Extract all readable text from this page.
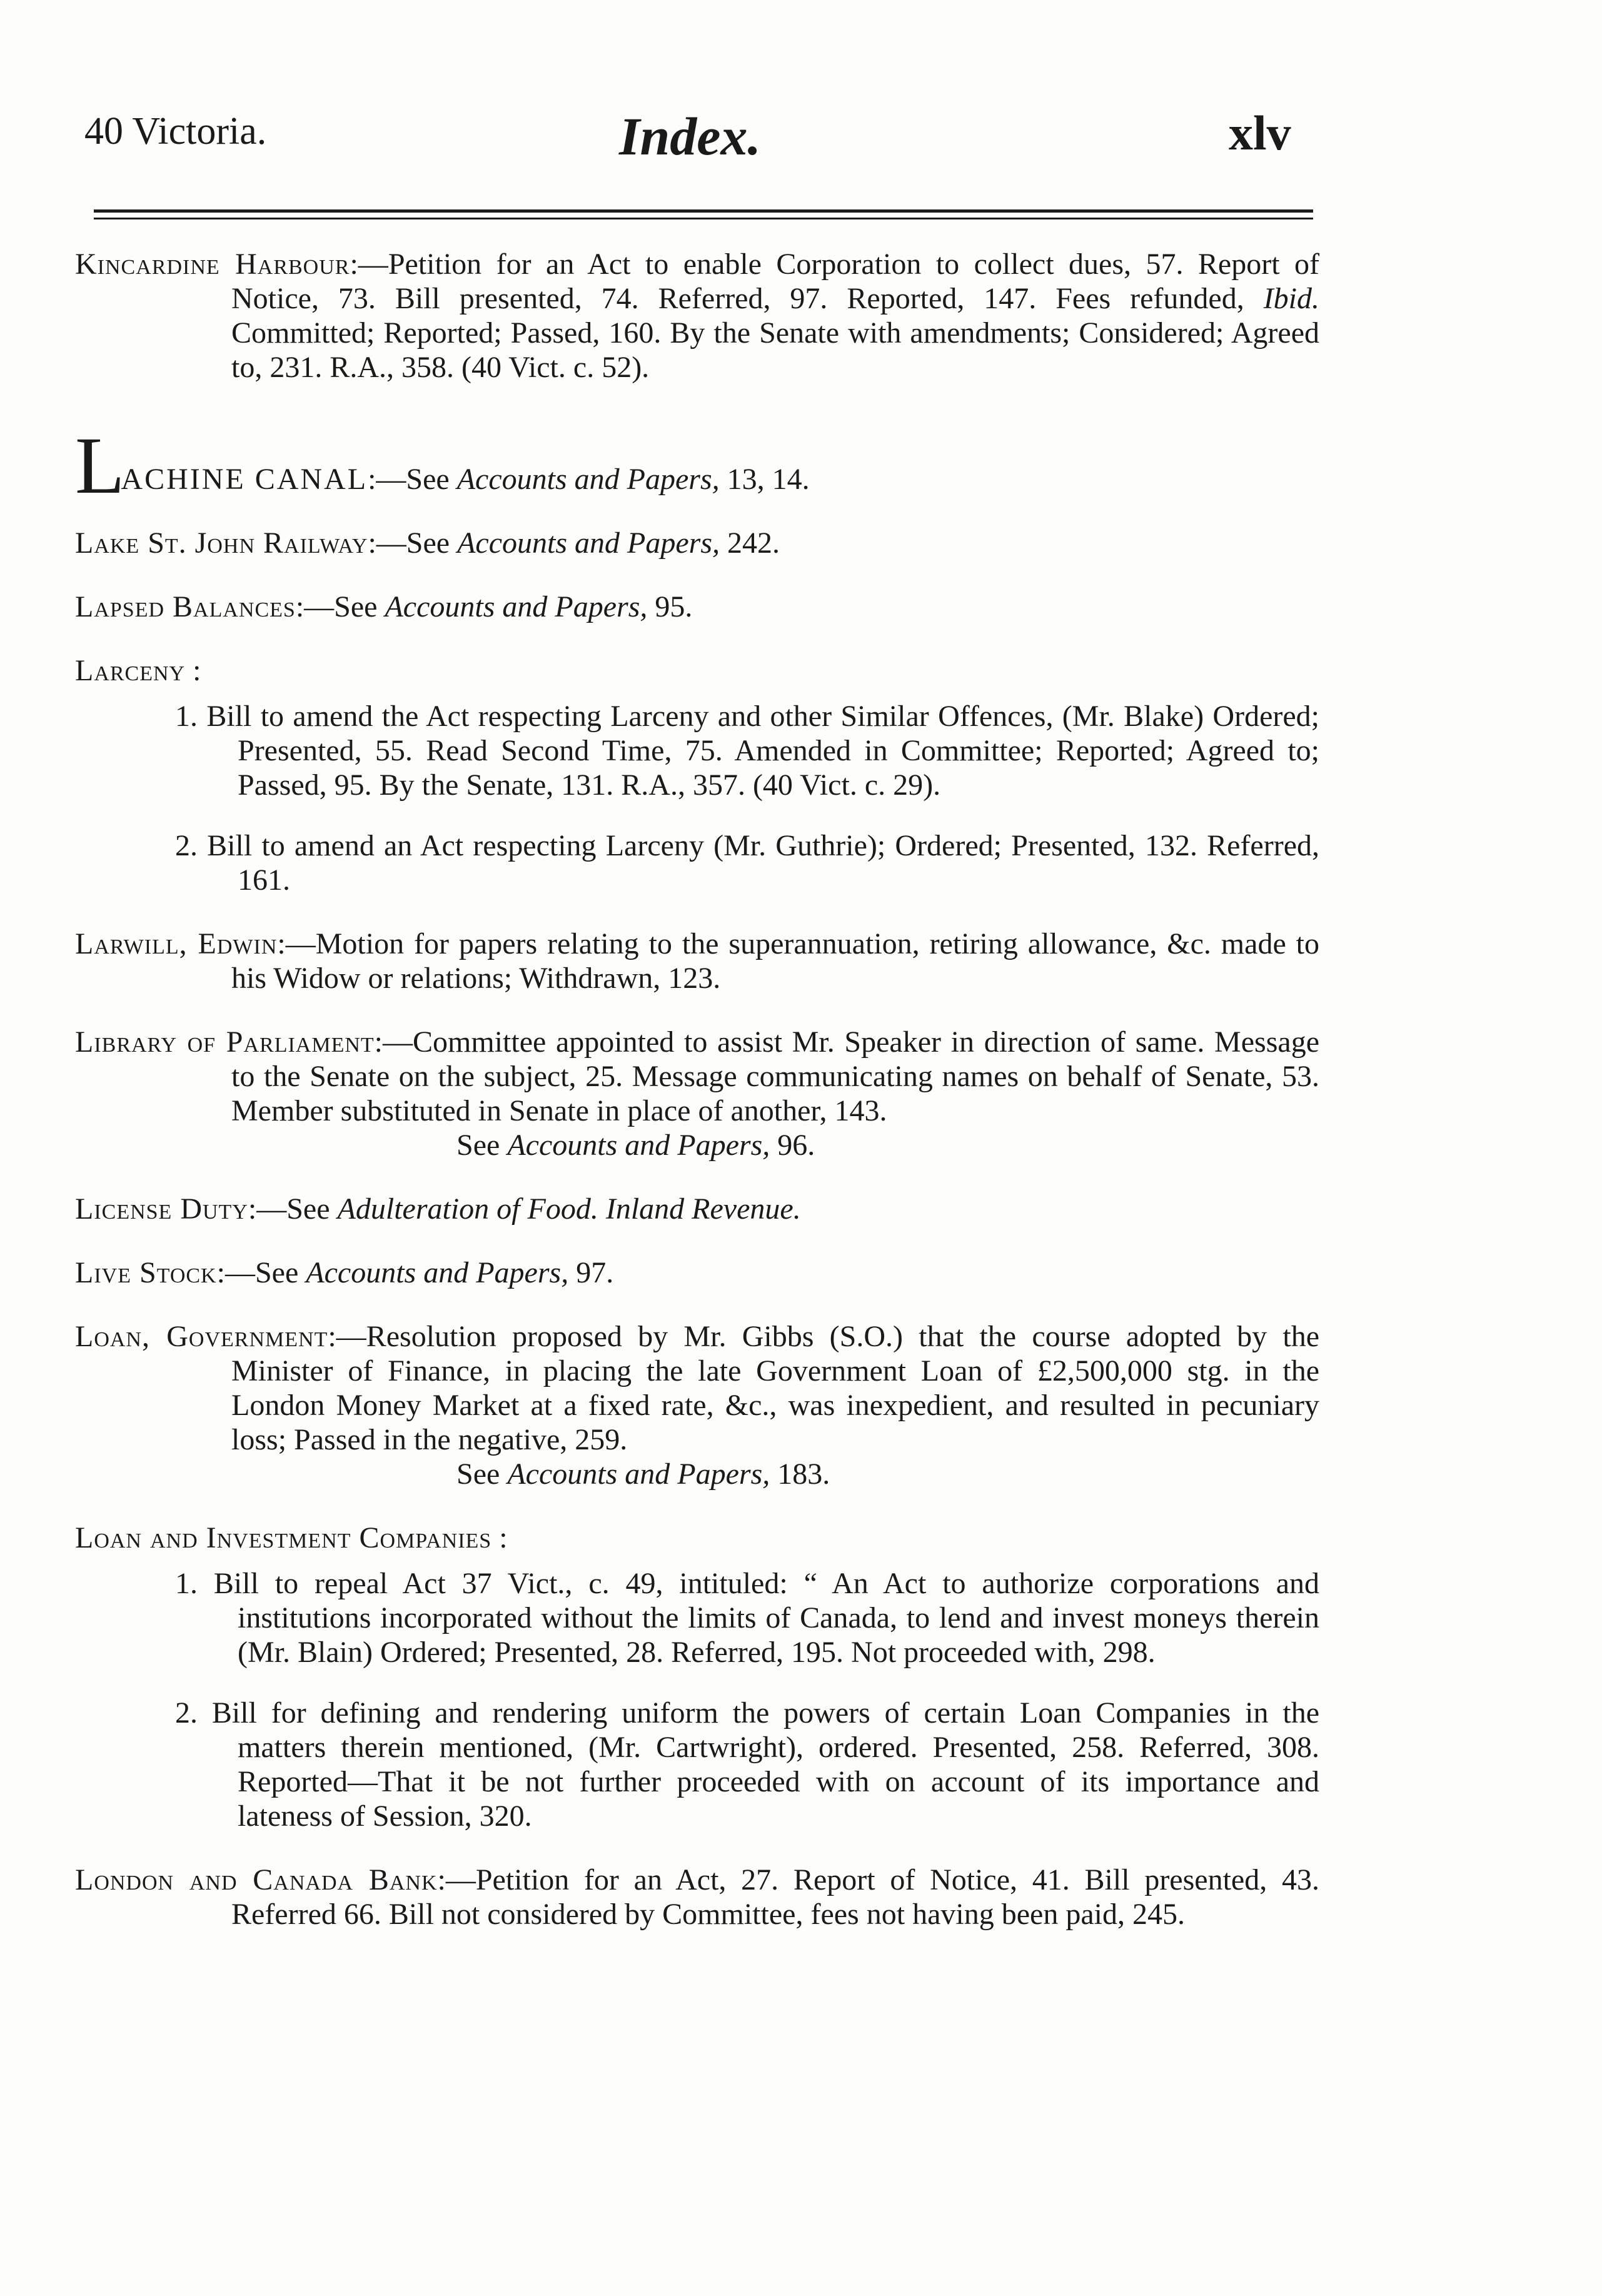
40 Victoria.	Index.	xlv

Kincardine Harbour:—Petition for an Act to enable Corporation to collect dues, 57. Report of Notice, 73. Bill presented, 74. Referred, 97. Reported, 147. Fees refunded, Ibid. Committed; Reported; Passed, 160. By the Senate with amendments; Considered; Agreed to, 231. R.A., 358. (40 Vict. c. 52).

LACHINE CANAL:—See Accounts and Papers, 13, 14.

Lake St. John Railway:—See Accounts and Papers, 242.

Lapsed Balances:—See Accounts and Papers, 95.

Larceny :

1. Bill to amend the Act respecting Larceny and other Similar Offences, (Mr. Blake) Ordered; Presented, 55. Read Second Time, 75. Amended in Committee; Reported; Agreed to; Passed, 95. By the Senate, 131. R.A., 357. (40 Vict. c. 29).

2. Bill to amend an Act respecting Larceny (Mr. Guthrie); Ordered; Presented, 132. Referred, 161.

Larwill, Edwin:—Motion for papers relating to the superannuation, retiring allowance, &c. made to his Widow or relations; Withdrawn, 123.

Library of Parliament:—Committee appointed to assist Mr. Speaker in direction of same. Message to the Senate on the subject, 25. Message communicating names on behalf of Senate, 53. Member substituted in Senate in place of another, 143.
See Accounts and Papers, 96.

License Duty:—See Adulteration of Food. Inland Revenue.

Live Stock:—See Accounts and Papers, 97.

Loan, Government:—Resolution proposed by Mr. Gibbs (S.O.) that the course adopted by the Minister of Finance, in placing the late Government Loan of £2,500,000 stg. in the London Money Market at a fixed rate, &c., was inexpedient, and resulted in pecuniary loss; Passed in the negative, 259.
See Accounts and Papers, 183.
Loan and Investment Companies :

1. Bill to repeal Act 37 Vict., c. 49, intituled: “ An Act to authorize corporations and institutions incorporated without the limits of Canada, to lend and invest moneys therein (Mr. Blain) Ordered; Presented, 28. Referred, 195. Not proceeded with, 298.

2. Bill for defining and rendering uniform the powers of certain Loan Companies in the matters therein mentioned, (Mr. Cartwright), ordered. Presented, 258. Referred, 308. Reported—That it be not further proceeded with on account of its importance and lateness of Session, 320.

London and Canada Bank:—Petition for an Act, 27. Report of Notice, 41. Bill presented, 43. Referred 66. Bill not considered by Committee, fees not having been paid, 245.
